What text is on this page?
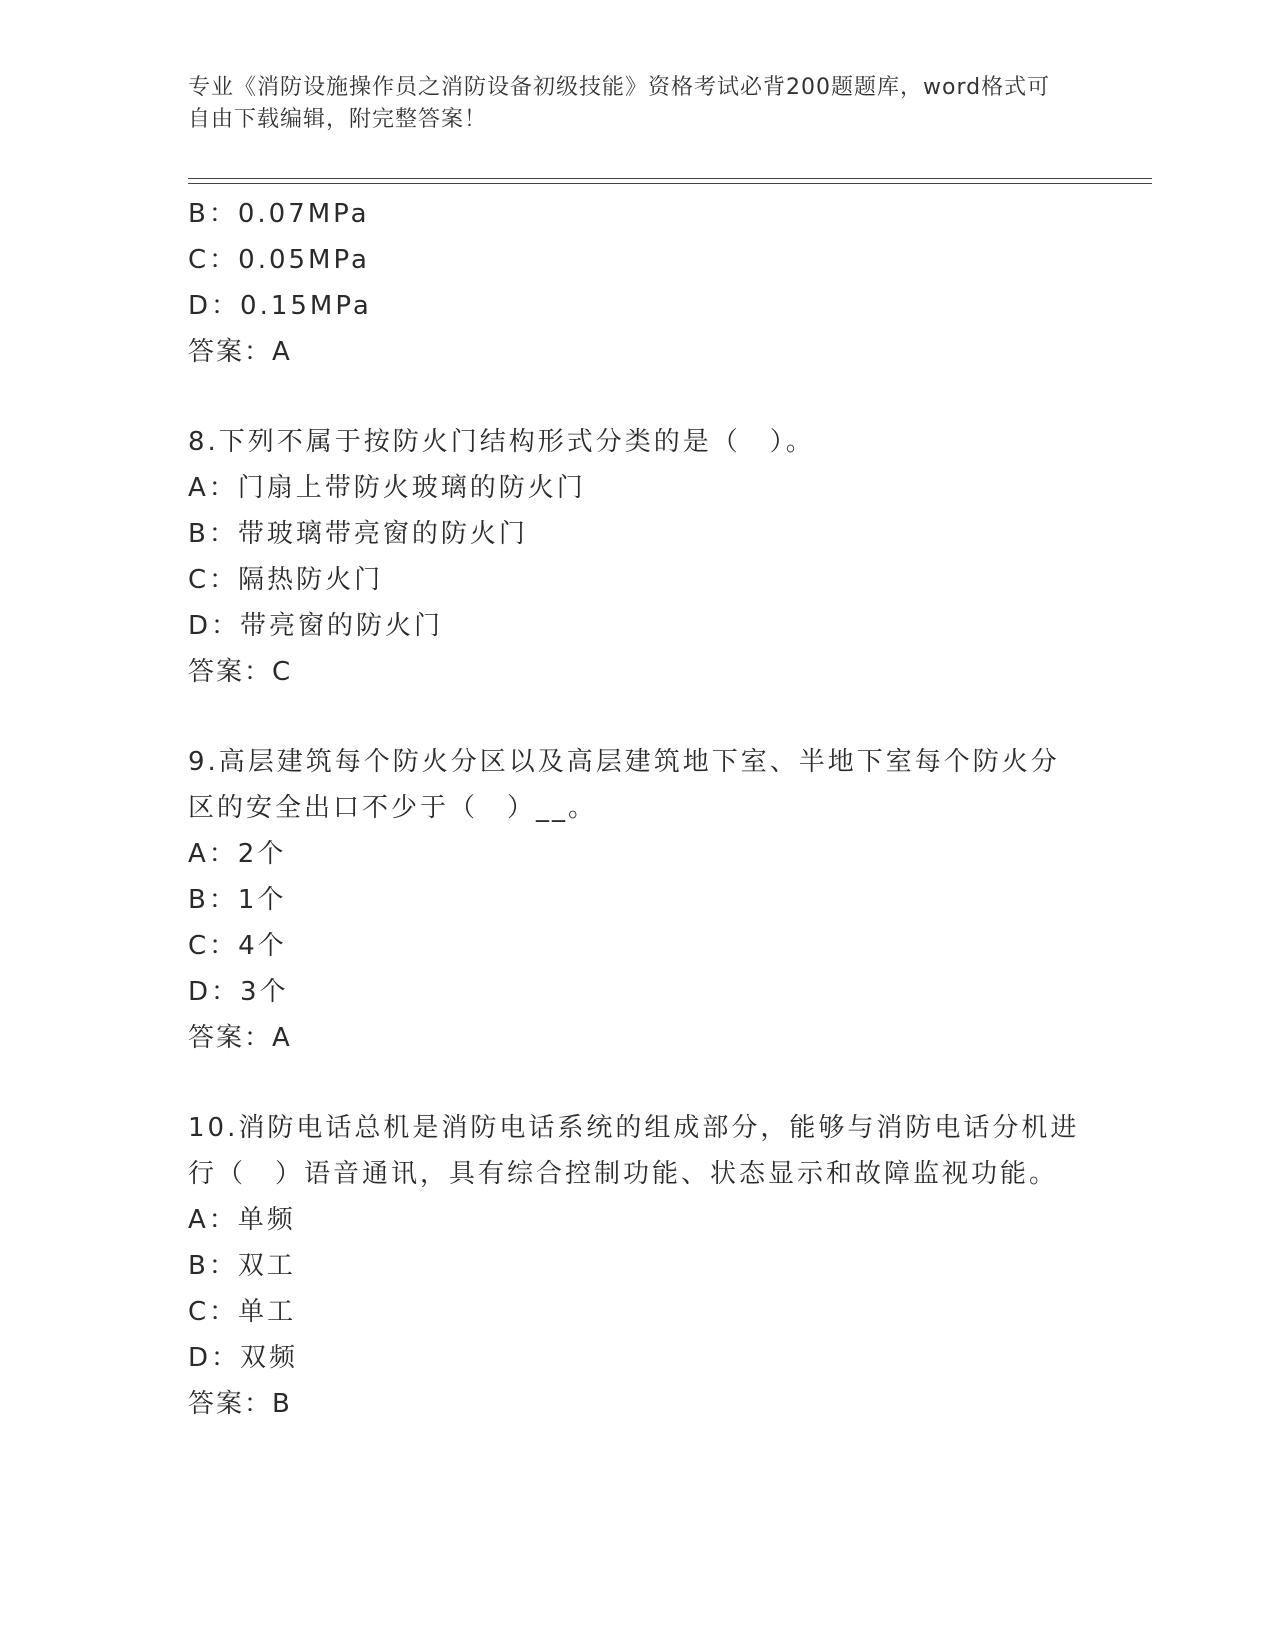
专业《消防设施操作员之消防设备初级技能》资格考试必背200题题库，word格式可自由下载编辑，附完整答案！
B：0.07MPa
C：0.05MPa
D：0.15MPa
答案：A
8.下列不属于按防火门结构形式分类的是（　）。
A：门扇上带防火玻璃的防火门
B：带玻璃带亮窗的防火门
C：隔热防火门
D：带亮窗的防火门
答案：C
9.高层建筑每个防火分区以及高层建筑地下室、半地下室每个防火分区的安全出口不少于（　）__。
A：2个
B：1个
C：4个
D：3个
答案：A
10.消防电话总机是消防电话系统的组成部分，能够与消防电话分机进行（　）语音通讯，具有综合控制功能、状态显示和故障监视功能。
A：单频
B：双工
C：单工
D：双频
答案：B
